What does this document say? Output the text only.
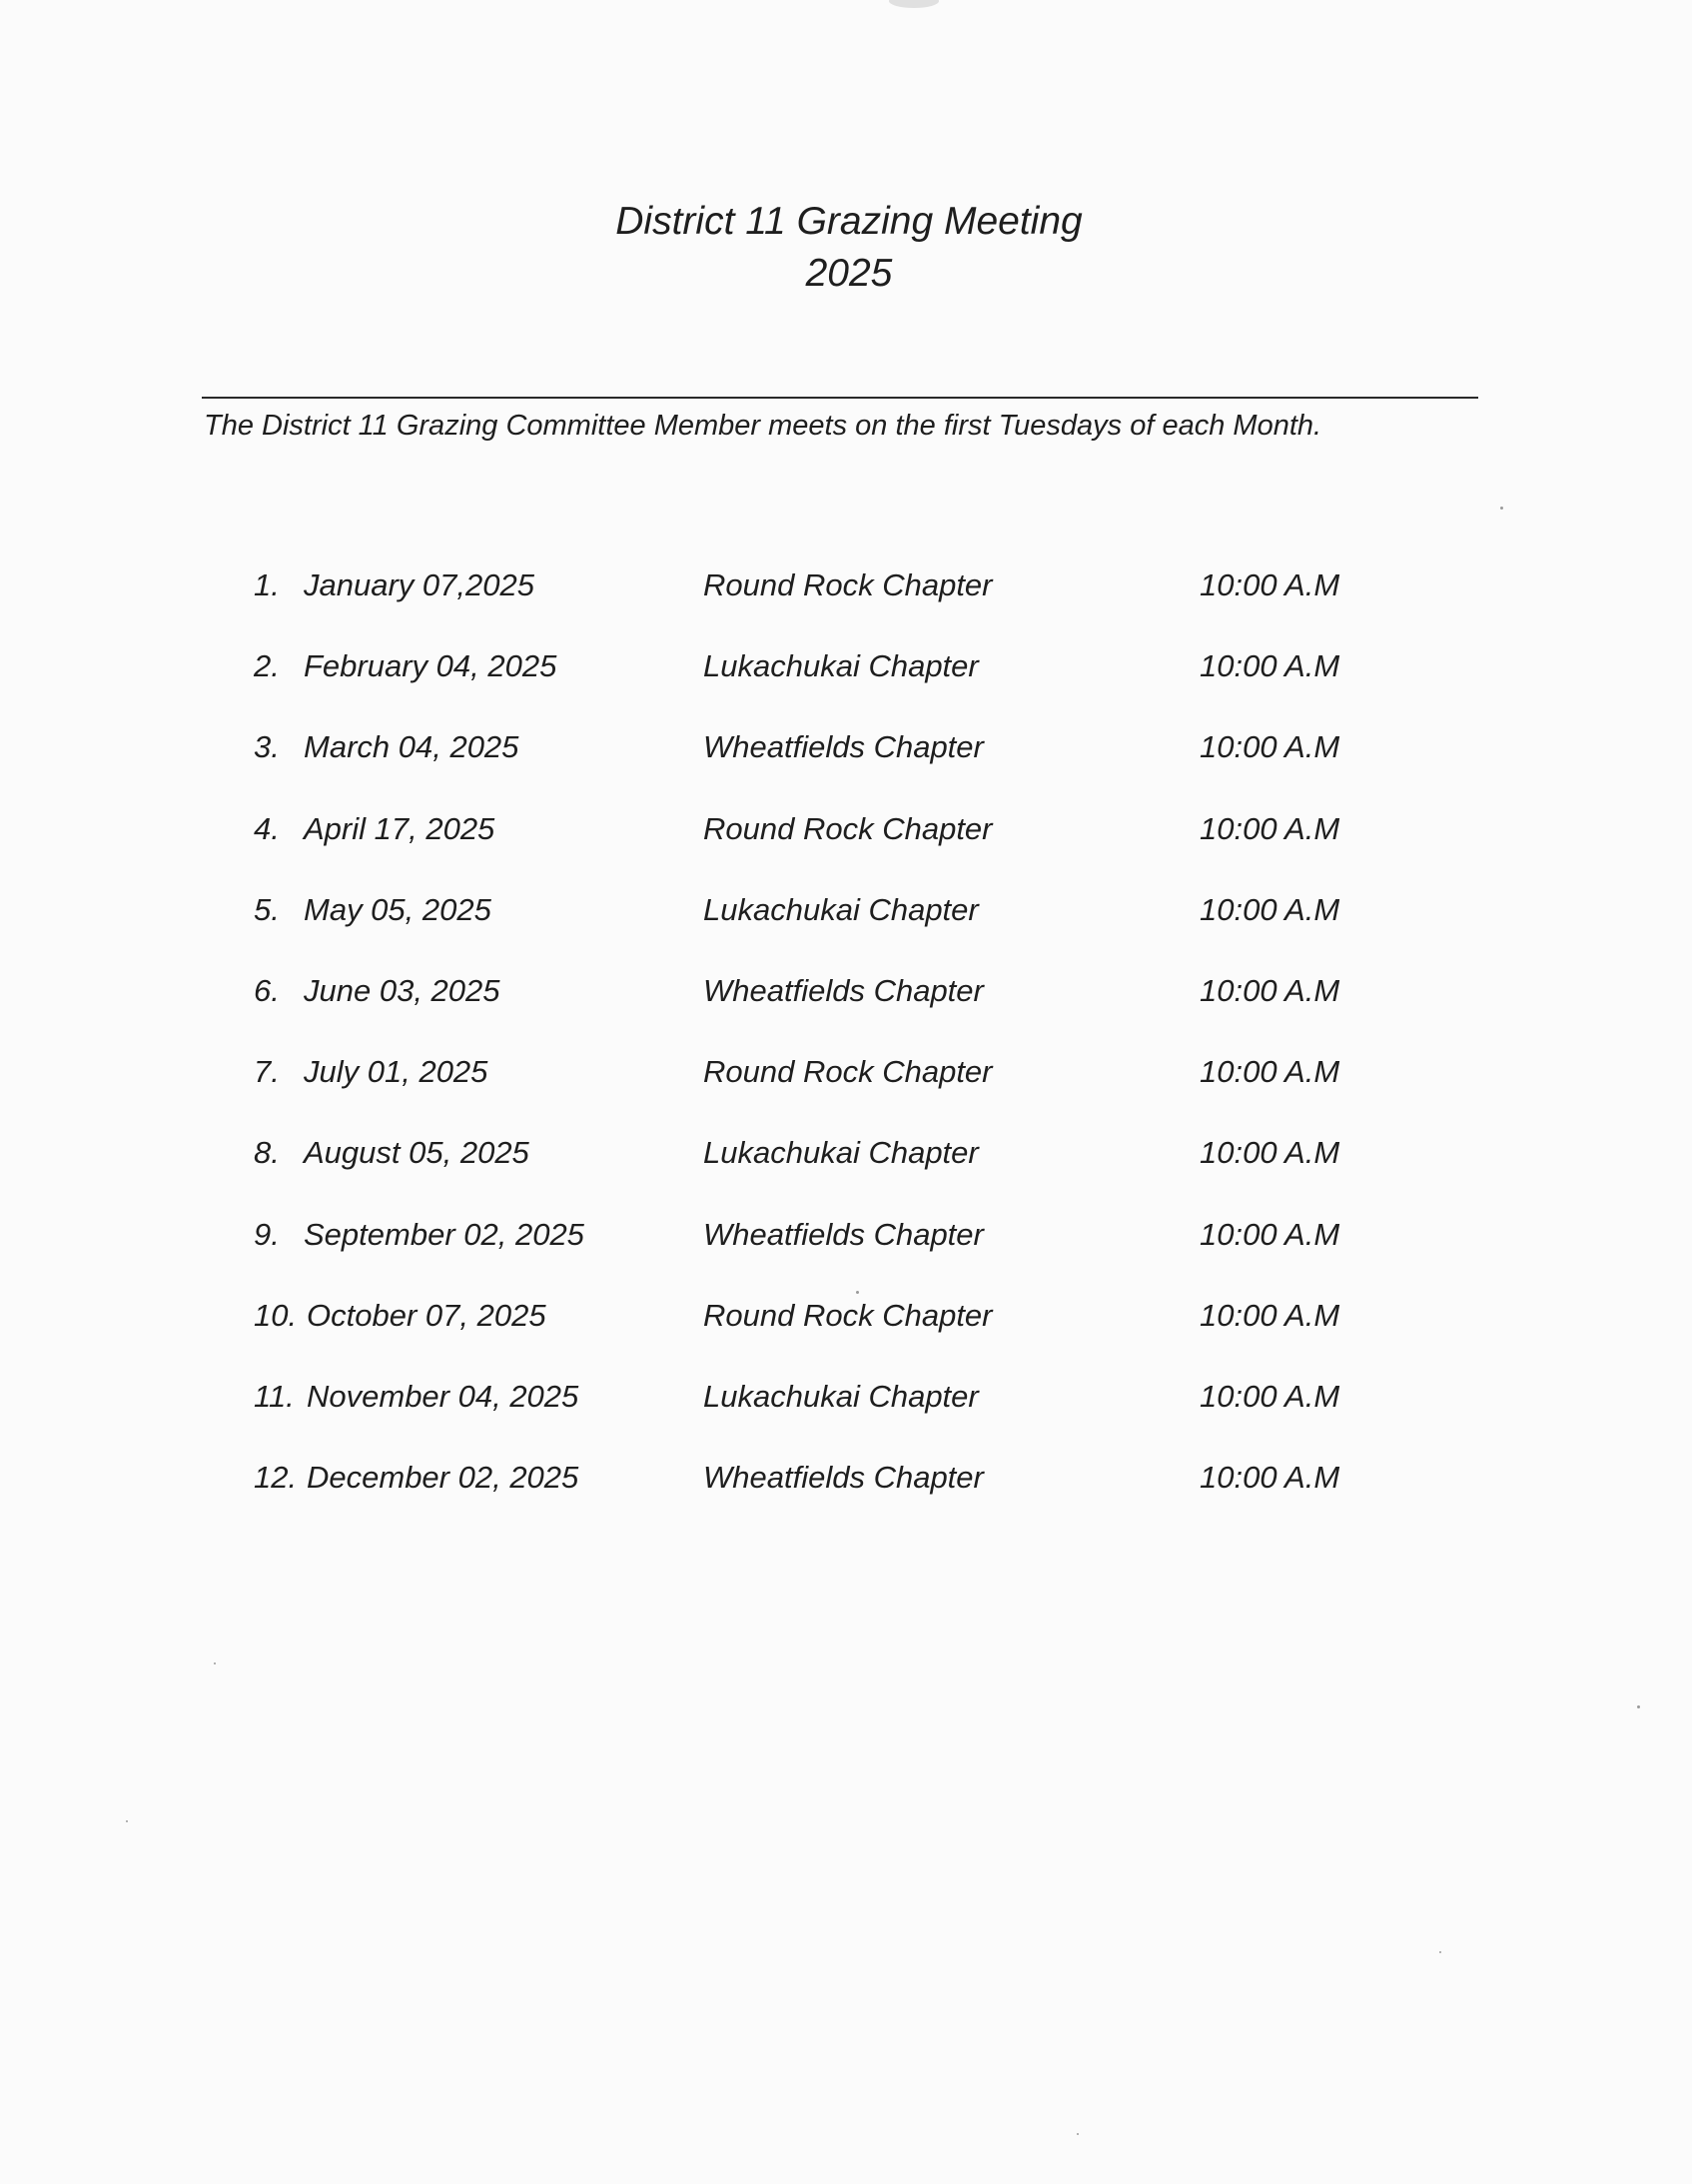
District 11 Grazing Meeting
2025
The District 11 Grazing Committee Member meets on the first Tuesdays of each Month.
1. January 07,2025	Round Rock Chapter	10:00 A.M
2. February 04, 2025	Lukachukai Chapter	10:00 A.M
3. March 04, 2025	Wheatfields Chapter	10:00 A.M
4. April 17, 2025	Round Rock Chapter	10:00 A.M
5. May 05, 2025	Lukachukai Chapter	10:00 A.M
6. June 03, 2025	Wheatfields Chapter	10:00 A.M
7. July 01, 2025	Round Rock Chapter	10:00 A.M
8. August 05, 2025	Lukachukai Chapter	10:00 A.M
9. September 02, 2025	Wheatfields Chapter	10:00 A.M
10. October 07, 2025	Round Rock Chapter	10:00 A.M
11. November 04, 2025	Lukachukai Chapter	10:00 A.M
12. December 02, 2025	Wheatfields Chapter	10:00 A.M
